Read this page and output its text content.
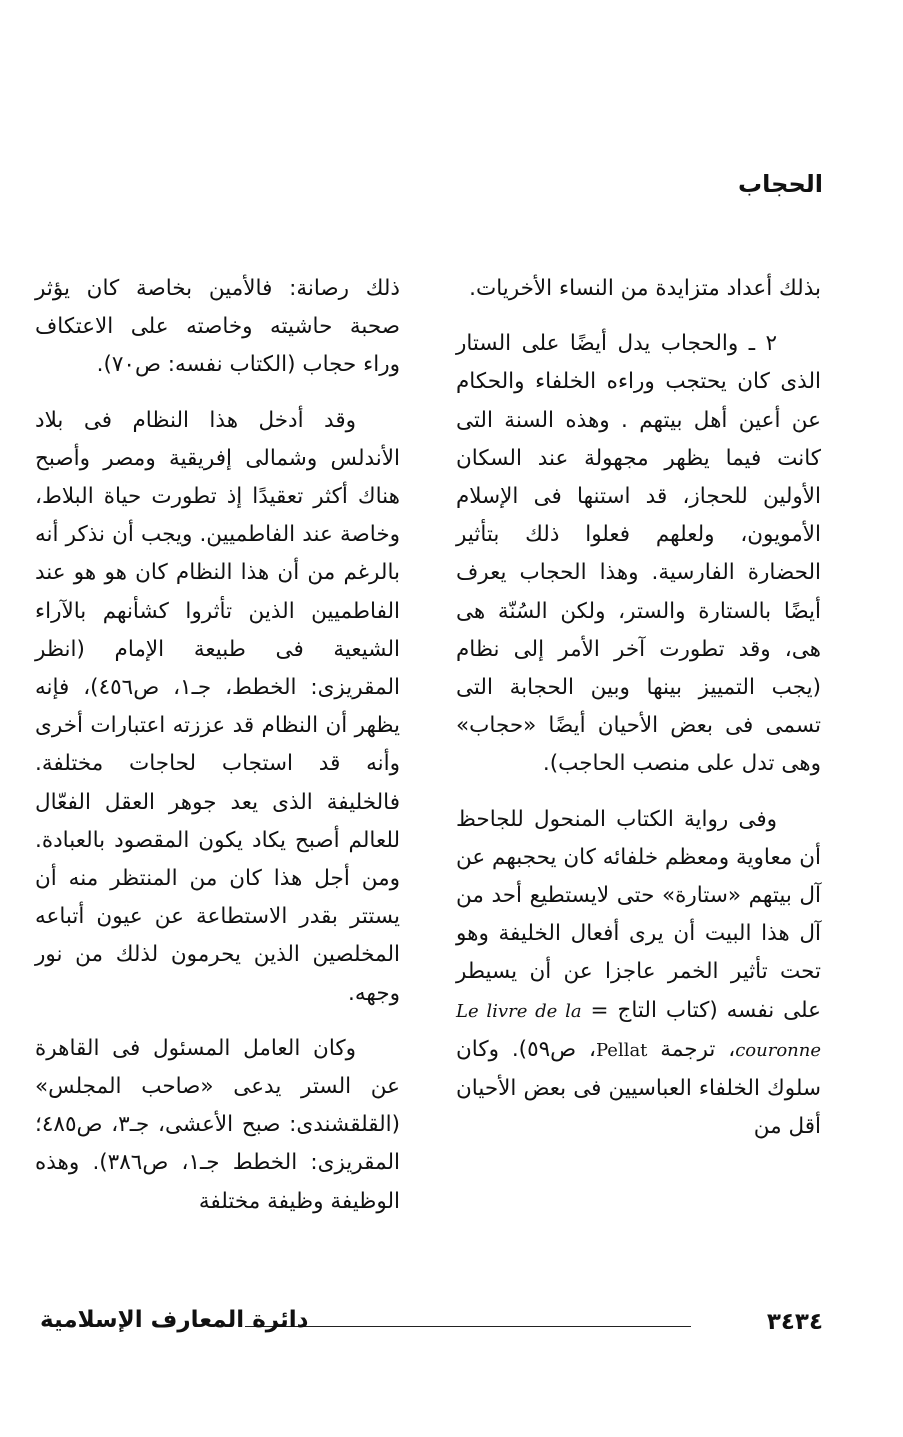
الحجاب

بذلك أعداد متزايدة من النساء الأخريات.

٢ ـ والحجاب يدل أيضًا على الستار الذى كان يحتجب وراءه الخلفاء والحكام عن أعين أهل بيتهم . وهذه السنة التى كانت فيما يظهر مجهولة عند السكان الأولين للحجاز، قد استنها فى الإسلام الأمويون، ولعلهم فعلوا ذلك بتأثير الحضارة الفارسية. وهذا الحجاب يعرف أيضًا بالستارة والستر، ولكن السُنّة هى هى، وقد تطورت آخر الأمر إلى نظام (يجب التمييز بينها وبين الحجابة التى تسمى فى بعض الأحيان أيضًا «حجاب» وهى تدل على منصب الحاجب).

وفى رواية الكتاب المنحول للجاحظ أن معاوية ومعظم خلفائه كان يحجبهم عن آل بيتهم «ستارة» حتى لايستطيع أحد من آل هذا البيت أن يرى أفعال الخليفة وهو تحت تأثير الخمر عاجزا عن أن يسيطر على نفسه (كتاب التاج = Le livre de la couronne، ترجمة Pellat، ص٥٩). وكان سلوك الخلفاء العباسيين فى بعض الأحيان أقل من

ذلك رصانة: فالأمين بخاصة كان يؤثر صحبة حاشيته وخاصته على الاعتكاف وراء حجاب (الكتاب نفسه: ص٧٠).

وقد أدخل هذا النظام فى بلاد الأندلس وشمالى إفريقية ومصر وأصبح هناك أكثر تعقيدًا إذ تطورت حياة البلاط، وخاصة عند الفاطميين. ويجب أن نذكر أنه بالرغم من أن هذا النظام كان هو هو عند الفاطميين الذين تأثروا كشأنهم بالآراء الشيعية فى طبيعة الإمام (انظر المقريزى: الخطط، جـ١، ص٤٥٦)، فإنه يظهر أن النظام قد عززته اعتبارات أخرى وأنه قد استجاب لحاجات مختلفة. فالخليفة الذى يعد جوهر العقل الفعّال للعالم أصبح يكاد يكون المقصود بالعبادة. ومن أجل هذا كان من المنتظر منه أن يستتر بقدر الاستطاعة عن عيون أتباعه المخلصين الذين يحرمون لذلك من نور وجهه.

وكان العامل المسئول فى القاهرة عن الستر يدعى «صاحب المجلس» (القلقشندى: صبح الأعشى، جـ٣، ص٤٨٥؛ المقريزى: الخطط جـ١، ص٣٨٦). وهذه الوظيفة وظيفة مختلفة

٣٤٣٤
دائرة المعارف الإسلامية
